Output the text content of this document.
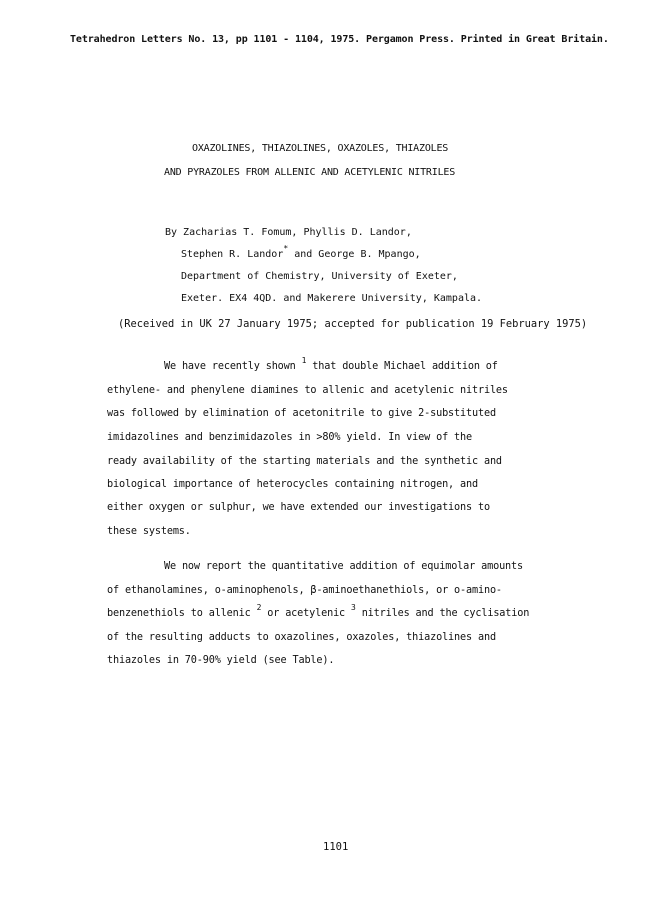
Tetrahedron Letters No. 13, pp 1101 - 1104, 1975. Pergamon Press. Printed in Great Britain.
OXAZOLINES, THIAZOLINES, OXAZOLES, THIAZOLES
AND PYRAZOLES FROM ALLENIC AND ACETYLENIC NITRILES
By Zacharias T. Fomum, Phyllis D. Landor,
Stephen R. Landor* and George B. Mpango,
Department of Chemistry, University of Exeter,
Exeter. EX4 4QD. and Makerere University, Kampala.
(Received in UK 27 January 1975; accepted for publication 19 February 1975)
We have recently shown $^1$ that double Michael addition of
ethylene- and phenylene diamines to allenic and acetylenic nitriles
was followed by elimination of acetonitrile to give 2-substituted
imidazolines and benzimidazoles in >80% yield. In view of the
ready availability of the starting materials and the synthetic and
biological importance of heterocycles containing nitrogen, and
either oxygen or sulphur, we have extended our investigations to
these systems.
We now report the quantitative addition of equimolar amounts
of ethanolamines, o-aminophenols, β-aminoethanethiols, or o-amino-
benzenethiols to allenic $^2$ or acetylenic $^3$ nitriles and the cyclisation
of the resulting adducts to oxazolines, oxazoles, thiazolines and
thiazoles in 70-90% yield (see Table).
1101
